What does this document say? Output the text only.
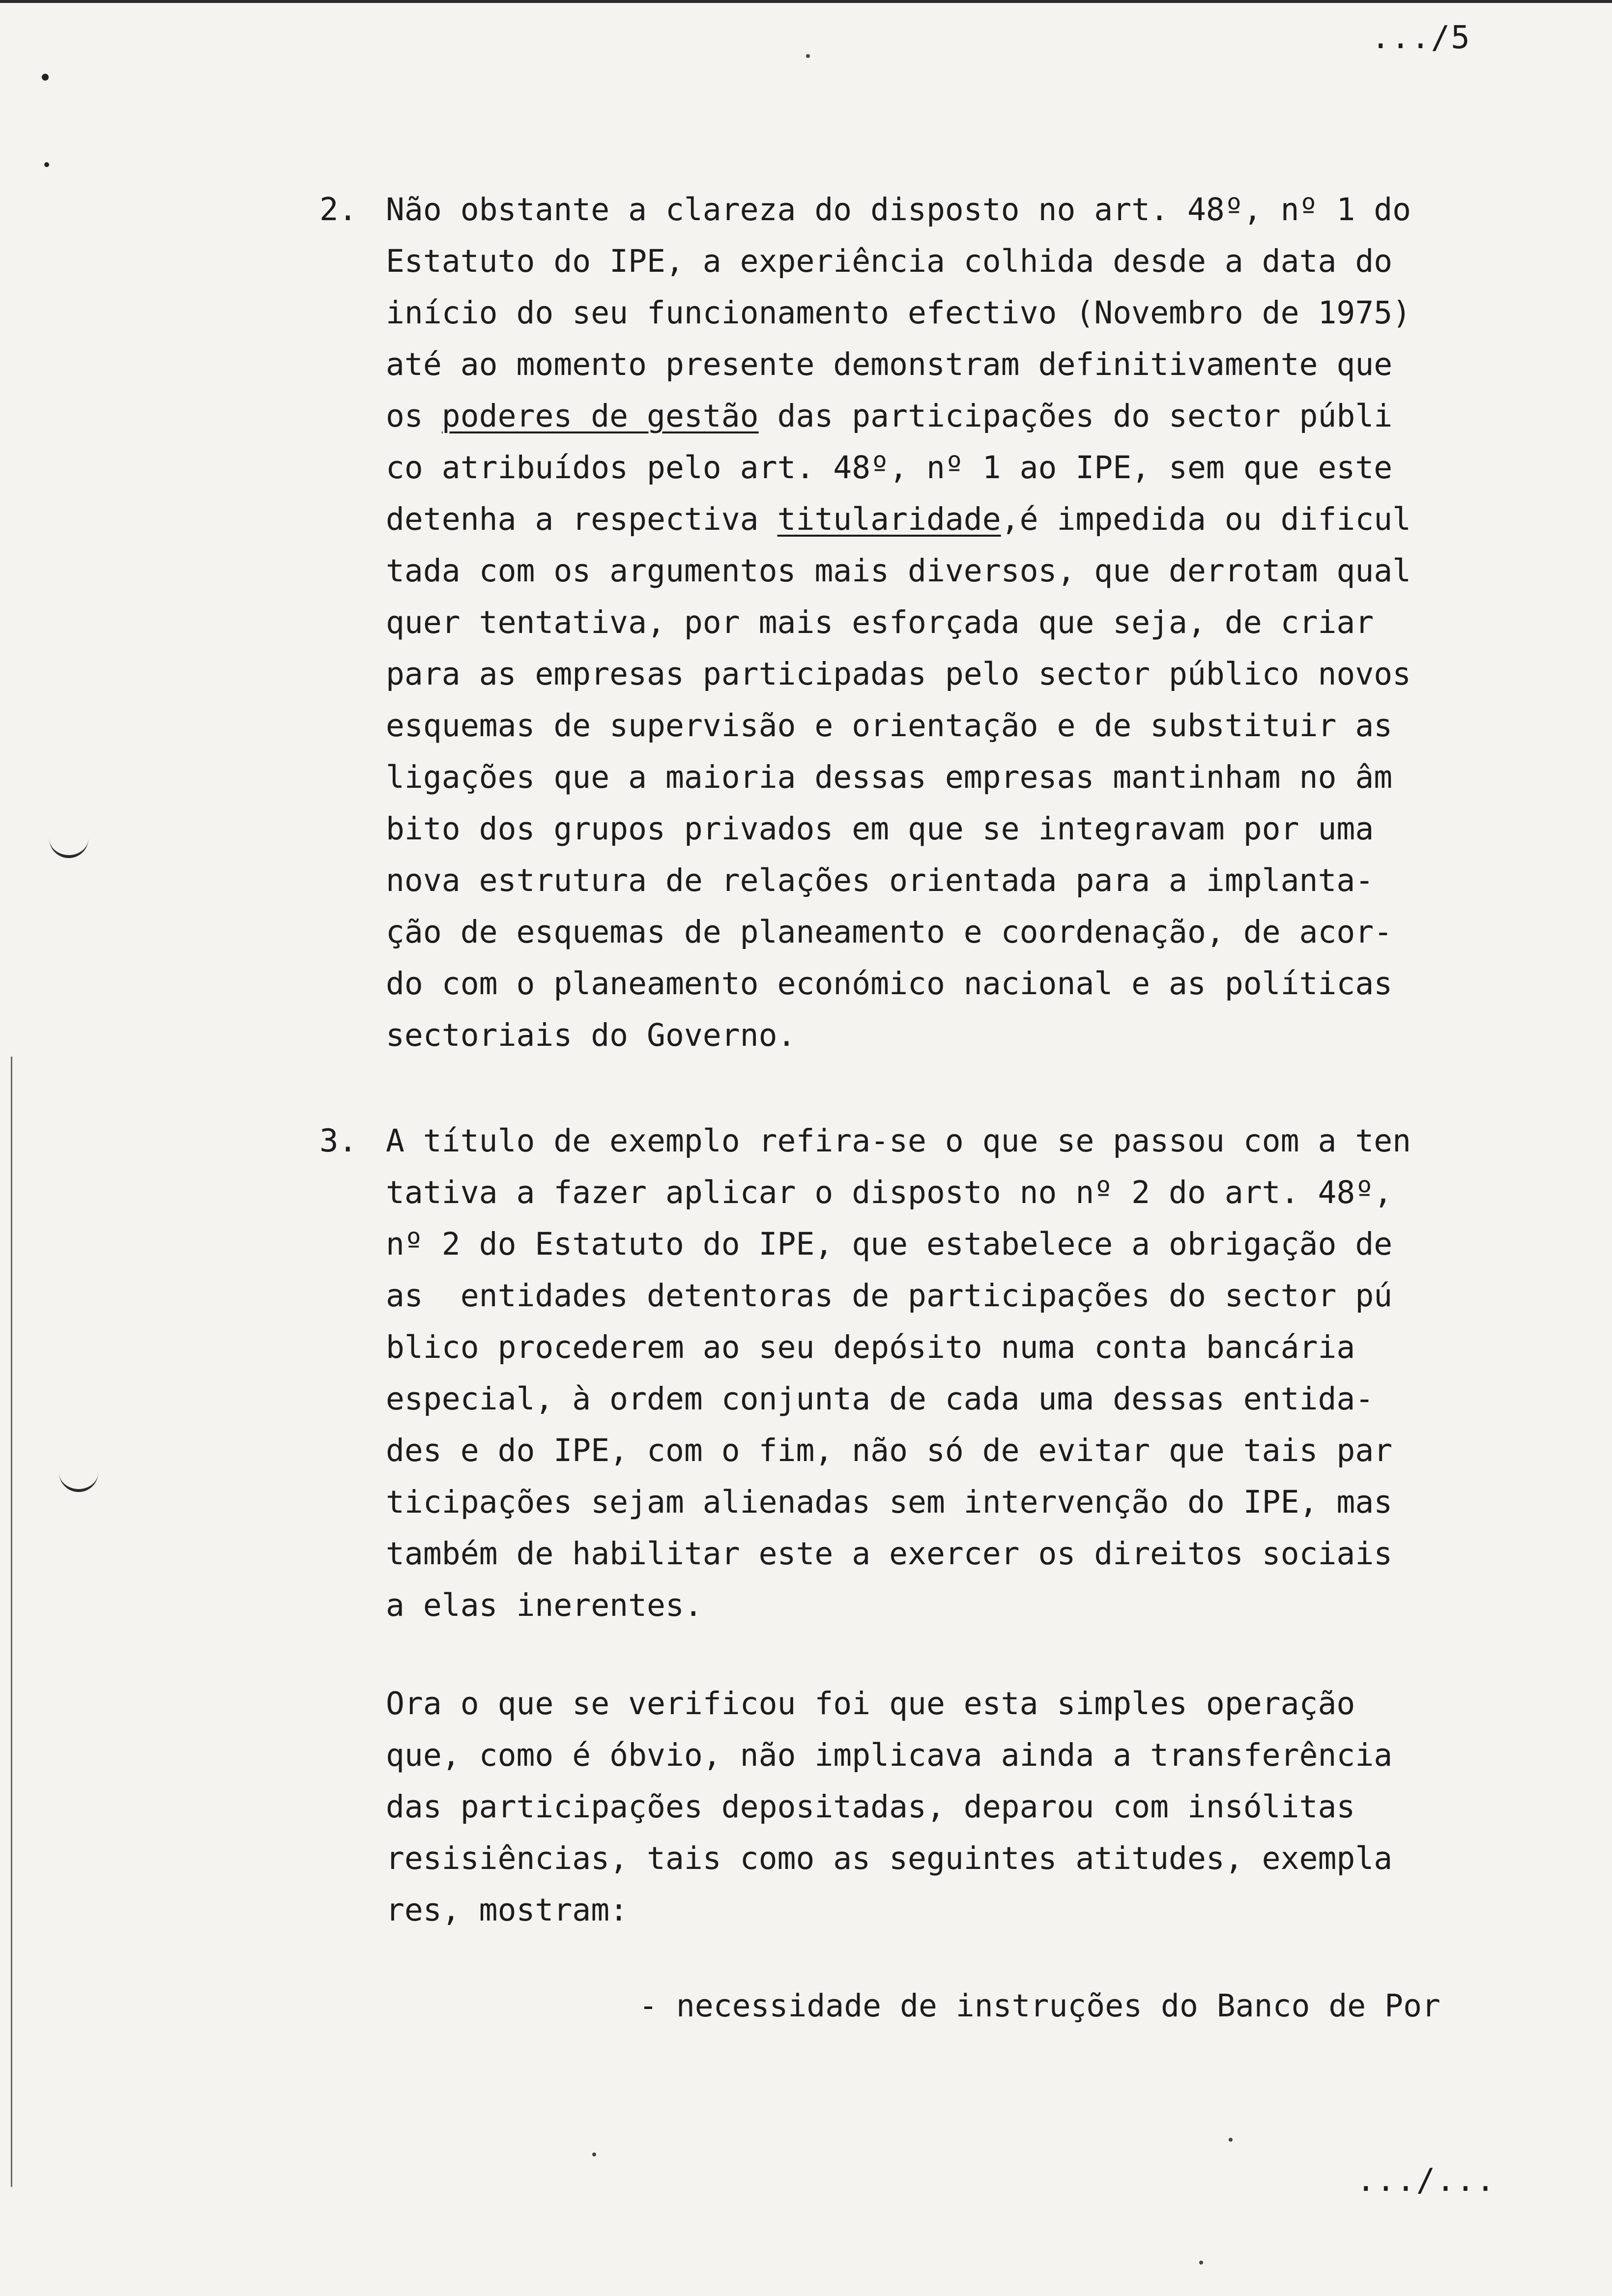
.../5
2. Não obstante a clareza do disposto no art. 48º, nº 1 do
Estatuto do IPE, a experiência colhida desde a data do
início do seu funcionamento efectivo (Novembro de 1975)
até ao momento presente demonstram definitivamente que
os poderes de gestão das participações do sector públi
co atribuídos pelo art. 48º, nº 1 ao IPE, sem que este
detenha a respectiva titularidade,é impedida ou dificul
tada com os argumentos mais diversos, que derrotam qual
quer tentativa, por mais esforçada que seja, de criar
para as empresas participadas pelo sector público novos
esquemas de supervisão e orientação e de substituir as
ligações que a maioria dessas empresas mantinham no âm
bito dos grupos privados em que se integravam por uma
nova estrutura de relações orientada para a implanta-
ção de esquemas de planeamento e coordenação, de acor-
do com o planeamento económico nacional e as políticas
sectoriais do Governo.
3. A título de exemplo refira-se o que se passou com a ten
tativa a fazer aplicar o disposto no nº 2 do art. 48º,
nº 2 do Estatuto do IPE, que estabelece a obrigação de
as  entidades detentoras de participações do sector pú
blico procederem ao seu depósito numa conta bancária
especial, à ordem conjunta de cada uma dessas entida-
des e do IPE, com o fim, não só de evitar que tais par
ticipações sejam alienadas sem intervenção do IPE, mas
também de habilitar este a exercer os direitos sociais
a elas inerentes.
Ora o que se verificou foi que esta simples operação
que, como é óbvio, não implicava ainda a transferência
das participações depositadas, deparou com insólitas
resisiências, tais como as seguintes atitudes, exempla
res, mostram:
- necessidade de instruções do Banco de Por
.../...
